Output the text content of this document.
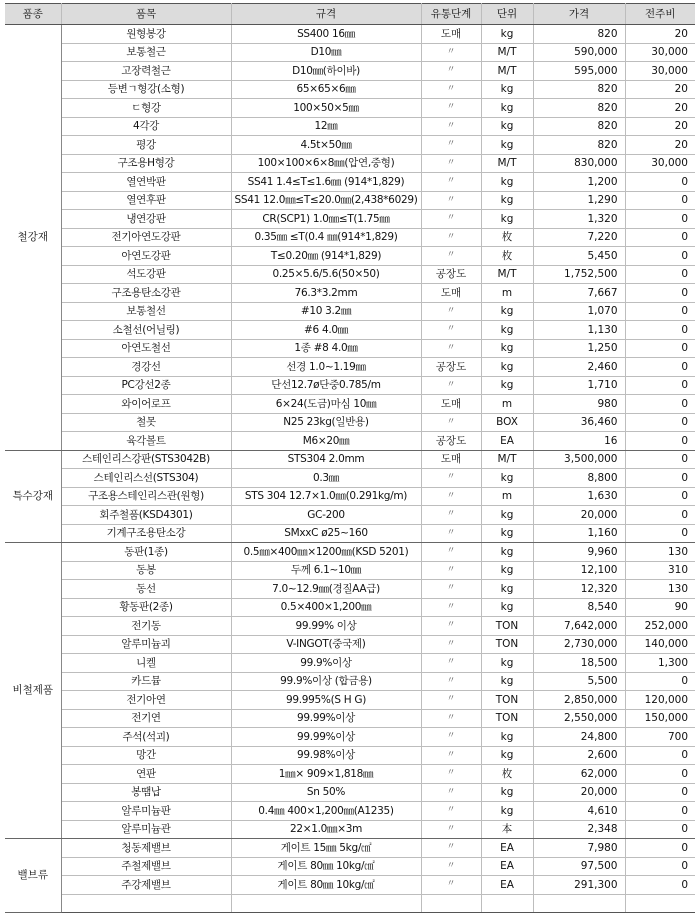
품종	품목	규격	유통단계	단위	가격	전주비
철강재	원형봉강	SS400 16㎜	도매	kg	820	20
	보통철근	D10㎜	〃	M/T	590,000	30,000
	고장력철근	D10㎜(하이바)	〃	M/T	595,000	30,000
	등변ㄱ형강(소형)	65×65×6㎜	〃	kg	820	20
	ㄷ형강	100×50×5㎜	〃	kg	820	20
	4각강	12㎜	〃	kg	820	20
	평강	4.5t×50㎜	〃	kg	820	20
	구조용H형강	100×100×6×8㎜(압연,중형)	〃	M/T	830,000	30,000
	열연박판	SS41 1.4≤T≤1.6㎜ (914*1,829)	〃	kg	1,200	0
	열연후판	SS41 12.0㎜≤T≤20.0㎜(2,438*6029)	〃	kg	1,290	0
	냉연강판	CR(SCP1) 1.0㎜≤T(1.75㎜	〃	kg	1,320	0
	전기아연도강판	0.35㎜ ≤T(0.4 ㎜(914*1,829)	〃	枚	7,220	0
	아연도강판	T≤0.20㎜ (914*1,829)	〃	枚	5,450	0
	석도강판	0.25×5.6/5.6(50×50)	공장도	M/T	1,752,500	0
	구조용탄소강관	76.3*3.2mm	도매	m	7,667	0
	보통철선	#10 3.2㎜	〃	kg	1,070	0
	소철선(어닐링)	#6 4.0㎜	〃	kg	1,130	0
	아연도철선	1종 #8 4.0㎜	〃	kg	1,250	0
	경강선	선경 1.0~1.19㎜	공장도	kg	2,460	0
	PC강선2종	단선12.7ø단중0.785/m	〃	kg	1,710	0
	와이어로프	6×24(도금)마심 10㎜	도매	m	980	0
	철못	N25 23kg(일반용)	〃	BOX	36,460	0
	육각볼트	M6×20㎜	공장도	EA	16	0
특수강재	스테인리스강판(STS3042B)	STS304 2.0mm	도매	M/T	3,500,000	0
	스테인리스선(STS304)	0.3㎜	〃	kg	8,800	0
	구조용스테인리스관(원형)	STS 304 12.7×1.0㎜(0.291kg/m)	〃	m	1,630	0
	회주철품(KSD4301)	GC-200	〃	kg	20,000	0
	기계구조용탄소강	SMxxC ø25~160	〃	kg	1,160	0
비철제품	동판(1종)	0.5㎜×400㎜×1200㎜(KSD 5201)	〃	kg	9,960	130
	동봉	두께 6.1~10㎜	〃	kg	12,100	310
	동선	7.0~12.9㎜(경질AA급)	〃	kg	12,320	130
	황동판(2종)	0.5×400×1,200㎜	〃	kg	8,540	90
	전기동	99.99% 이상	〃	TON	7,642,000	252,000
	알루미늄괴	V-INGOT(중국제)	〃	TON	2,730,000	140,000
	니켈	99.9%이상	〃	kg	18,500	1,300
	카드뮴	99.9%이상 (합금용)	〃	kg	5,500	0
	전기아연	99.995%(S H G)	〃	TON	2,850,000	120,000
	전기연	99.99%이상	〃	TON	2,550,000	150,000
	주석(석괴)	99.99%이상	〃	kg	24,800	700
	망간	99.98%이상	〃	kg	2,600	0
	연판	1㎜× 909×1,818㎜	〃	枚	62,000	0
	봉땜납	Sn 50%	〃	kg	20,000	0
	알루미늄판	0.4㎜ 400×1,200㎜(A1235)	〃	kg	4,610	0
	알루미늄관	22×1.0㎜×3m	〃	本	2,348	0
밸브류	청동제밸브	게이트 15㎜ 5kg/㎠	〃	EA	7,980	0
	주철제밸브	게이트 80㎜ 10kg/㎠	〃	EA	97,500	0
	주강제밸브	게이트 80㎜ 10kg/㎠	〃	EA	291,300	0
